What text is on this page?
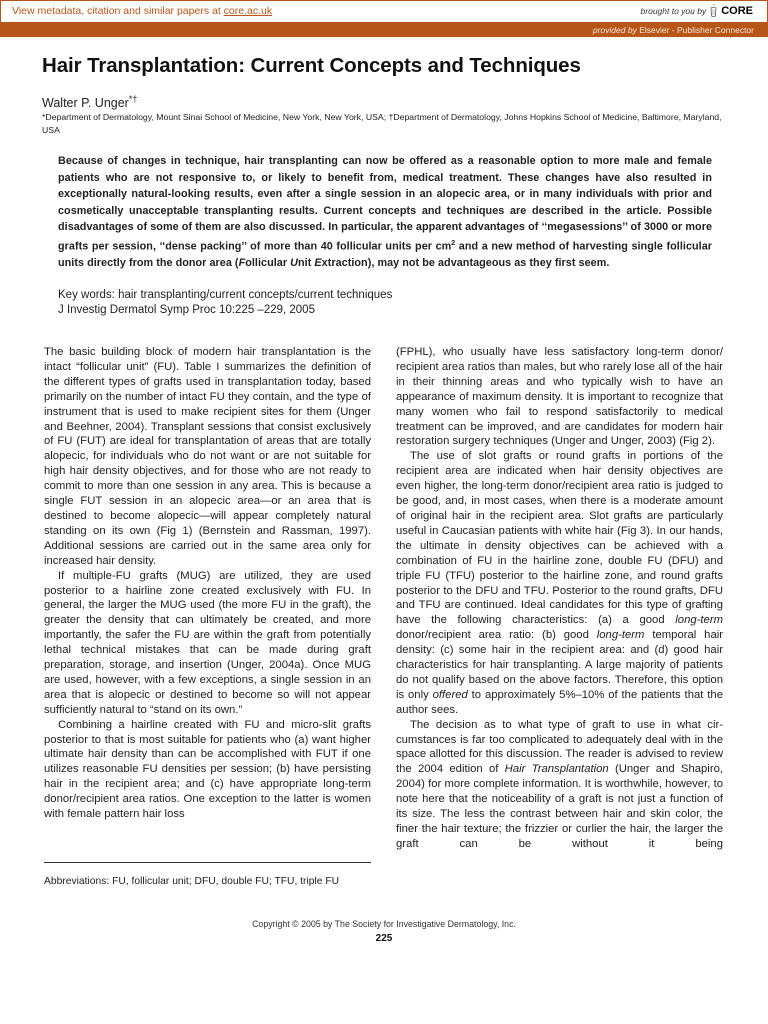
View metadata, citation and similar papers at core.ac.uk	brought to you by CORE
provided by Elsevier - Publisher Connector
Hair Transplantation: Current Concepts and Techniques
Walter P. Unger*†
*Department of Dermatology, Mount Sinai School of Medicine, New York, New York, USA; †Department of Dermatology, Johns Hopkins School of Medicine, Baltimore, Maryland, USA
Because of changes in technique, hair transplanting can now be offered as a reasonable option to more male and female patients who are not responsive to, or likely to benefit from, medical treatment. These changes have also resulted in exceptionally natural-looking results, even after a single session in an alopecic area, or in many individuals with prior and cosmetically unacceptable transplanting results. Current concepts and techniques are described in the article. Possible disadvantages of some of them are also discussed. In particular, the apparent advantages of ‘‘megasessions’’ of 3000 or more grafts per session, ‘‘dense packing’’ of more than 40 follicular units per $cm^2$ and a new method of harvesting single follicular units directly from the donor area (Follicular Unit Extraction), may not be advantageous as they first seem.
Key words: hair transplanting/current concepts/current techniques
J Investig Dermatol Symp Proc 10:225 –229, 2005

The basic building block of modern hair transplantation is the intact “follicular unit” (FU). Table I summarizes the definition of the different types of grafts used in transplantation today, based primarily on the number of intact FU they contain, and the type of instrument that is used to make recipient sites for them (Unger and Beehner, 2004). Transplant sessions that consist exclusively of FU (FUT) are ideal for transplantation of areas that are totally alopecic, for individuals who do not want or are not suitable for high hair density objectives, and for those who are not ready to commit to more than one session in any area. This is because a single FUT session in an alopecic area—or an area that is destined to become alopecic—will appear completely natural standing on its own (Fig 1) (Bernstein and Rassman, 1997). Additional sessions are carried out in the same area only for increased hair density.

If multiple-FU grafts (MUG) are utilized, they are used posterior to a hairline zone created exclusively with FU. In general, the larger the MUG used (the more FU in the graft), the greater the density that can ultimately be created, and more importantly, the safer the FU are within the graft from potentially lethal technical mistakes that can be made during graft preparation, storage, and insertion (Unger, 2004a). Once MUG are used, however, with a few exceptions, a single session in an area that is alopecic or destined to become so will not appear sufficiently natural to “stand on its own.”

Combining a hairline created with FU and micro-slit grafts posterior to that is most suitable for patients who (a) want higher ultimate hair density than can be accomplished with FUT if one utilizes reasonable FU densities per session; (b) have persisting hair in the recipient area; and (c) have appropriate long-term donor/recipient area ratios. One exception to the latter is women with female pattern hair loss

(FPHL), who usually have less satisfactory long-term donor/ recipient area ratios than males, but who rarely lose all of the hair in their thinning areas and who typically wish to have an appearance of maximum density. It is important to recognize that many women who fail to respond satisfactorily to medical treatment can be improved, and are candidates for modern hair restoration surgery techniques (Unger and Unger, 2003) (Fig 2).

The use of slot grafts or round grafts in portions of the recipient area are indicated when hair density objectives are even higher, the long-term donor/recipient area ratio is judged to be good, and, in most cases, when there is a moderate amount of original hair in the recipient area. Slot grafts are particularly useful in Caucasian patients with white hair (Fig 3). In our hands, the ultimate in density objectives can be achieved with a combination of FU in the hairline zone, double FU (DFU) and triple FU (TFU) posterior to the hairline zone, and round grafts posterior to the DFU and TFU. Posterior to the round grafts, DFU and TFU are continued. Ideal candidates for this type of grafting have the following characteristics: (a) a good long-term donor/recipient area ratio: (b) good long-term temporal hair density: (c) some hair in the recipient area: and (d) good hair characteristics for hair transplanting. A large majority of patients do not qualify based on the above factors. Therefore, this option is only offered to approximately 5%–10% of the patients that the author sees.

The decision as to what type of graft to use in what circumstances is far too complicated to adequately deal with in the space allotted for this discussion. The reader is advised to review the 2004 edition of Hair Transplantation (Unger and Shapiro, 2004) for more complete information. It is worthwhile, however, to note here that the noticeability of a graft is not just a function of its size. The less the contrast between hair and skin color, the finer the hair texture; the frizzier or curlier the hair, the larger the graft can be without it being

Abbreviations: FU, follicular unit; DFU, double FU; TFU, triple FU
Copyright © 2005 by The Society for Investigative Dermatology, Inc.
225
